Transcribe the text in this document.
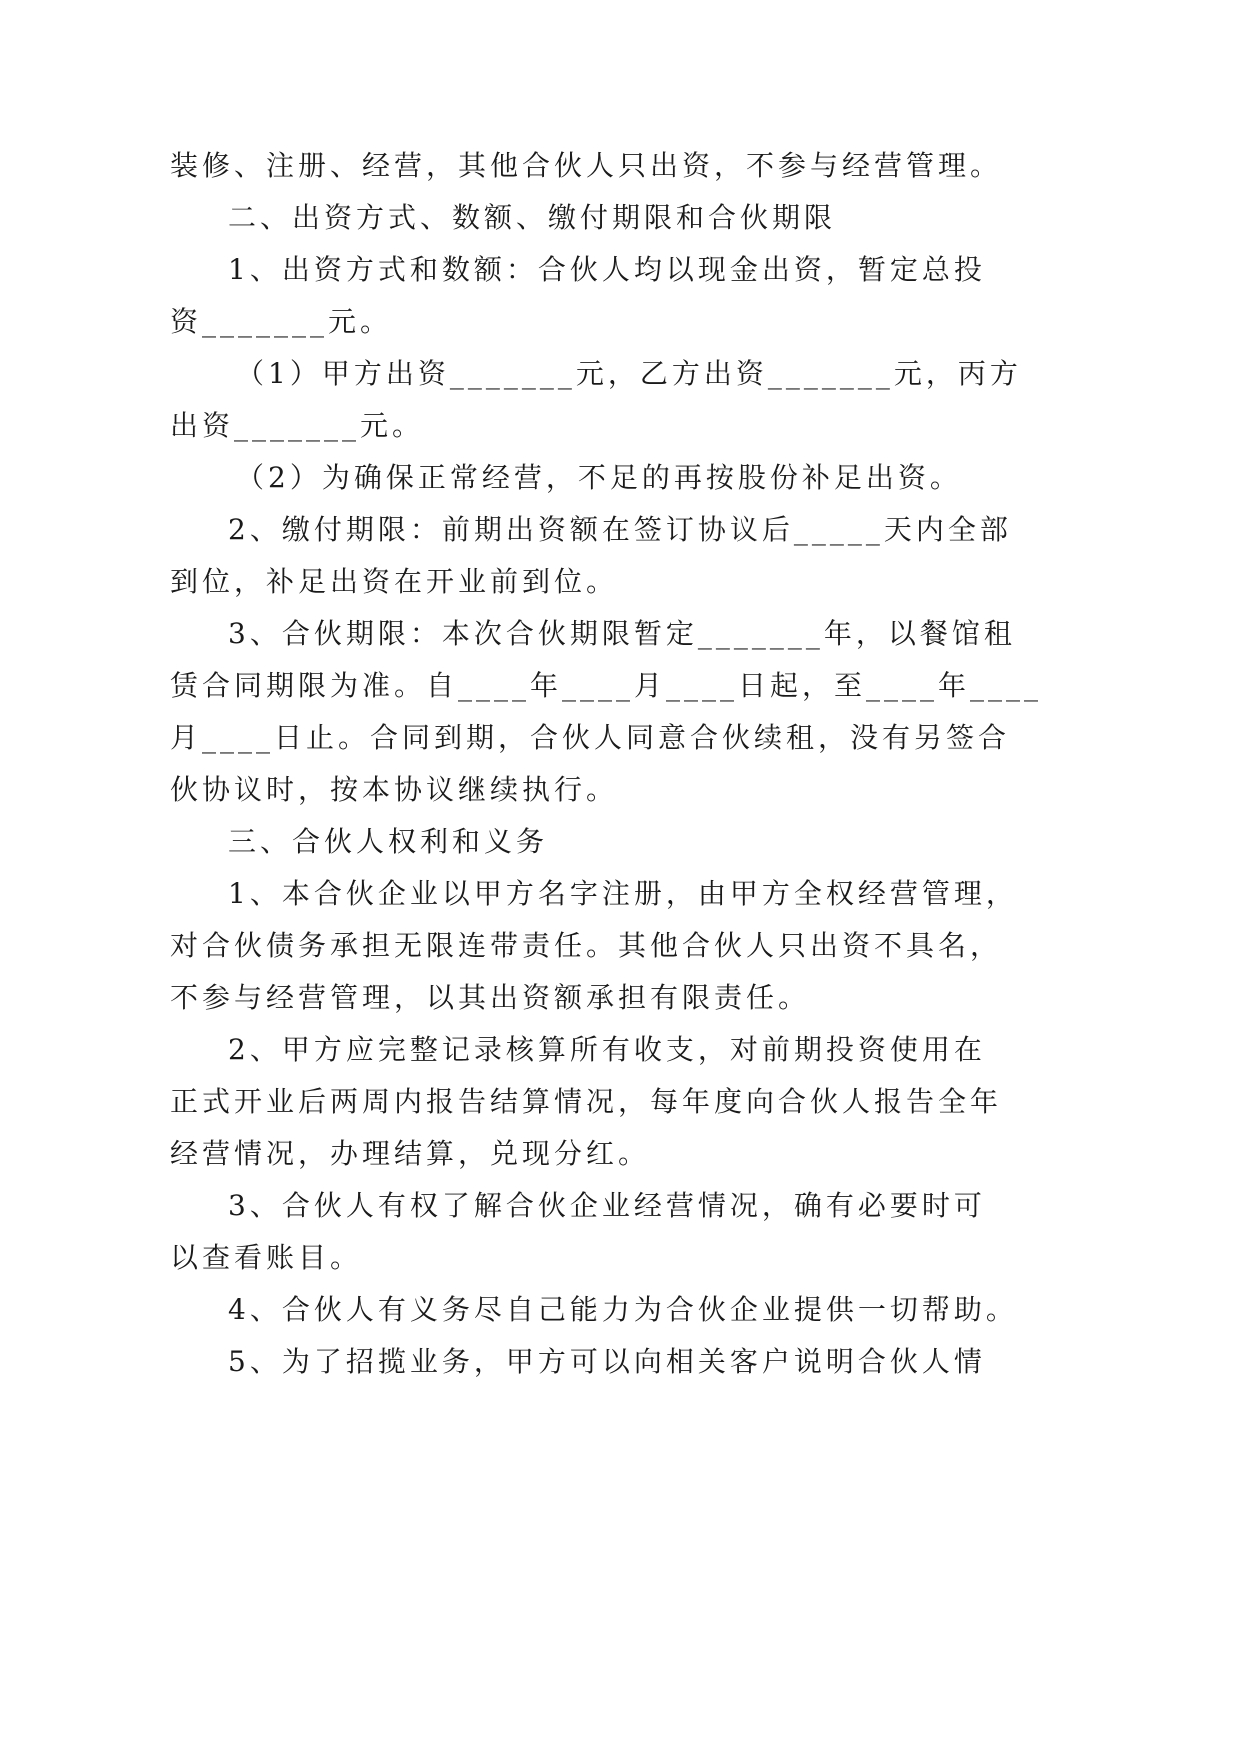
装修、注册、经营，其他合伙人只出资，不参与经营管理。
二、出资方式、数额、缴付期限和合伙期限
1、出资方式和数额：合伙人均以现金出资，暂定总投
资_______元。
（1）甲方出资_______元，乙方出资_______元，丙方
出资_______元。
（2）为确保正常经营，不足的再按股份补足出资。
2、缴付期限：前期出资额在签订协议后_____天内全部
到位，补足出资在开业前到位。
3、合伙期限：本次合伙期限暂定_______年，以餐馆租
赁合同期限为准。自____年____月____日起，至____年____
月____日止。合同到期，合伙人同意合伙续租，没有另签合
伙协议时，按本协议继续执行。
三、合伙人权利和义务
1、本合伙企业以甲方名字注册，由甲方全权经营管理，
对合伙债务承担无限连带责任。其他合伙人只出资不具名，
不参与经营管理，以其出资额承担有限责任。
2、甲方应完整记录核算所有收支，对前期投资使用在
正式开业后两周内报告结算情况，每年度向合伙人报告全年
经营情况，办理结算，兑现分红。
3、合伙人有权了解合伙企业经营情况，确有必要时可
以查看账目。
4、合伙人有义务尽自己能力为合伙企业提供一切帮助。
5、为了招揽业务，甲方可以向相关客户说明合伙人情
